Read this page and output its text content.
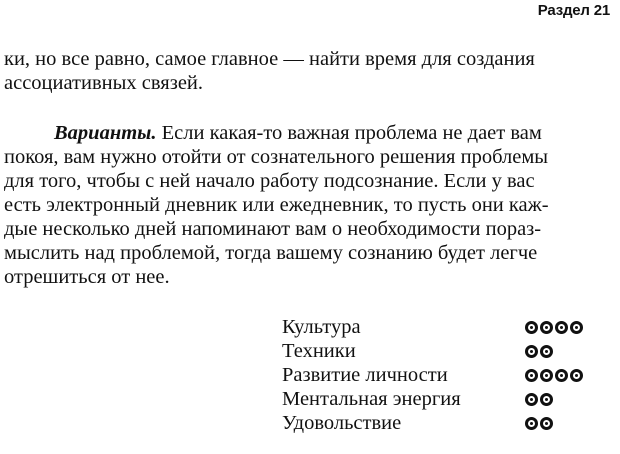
Раздел 21
ки, но все равно, самое главное — найти время для создания
ассоциативных связей.
Варианты. Если какая-то важная проблема не дает вам
покоя, вам нужно отойти от сознательного решения проблемы
для того, чтобы с ней начало работу подсознание. Если у вас
есть электронный дневник или ежедневник, то пусть они каж-
дые несколько дней напоминают вам о необходимости пораз-
мыслить над проблемой, тогда вашему сознанию будет легче
отрешиться от нее.
Культура
Техники
Развитие личности
Ментальная энергия
Удовольствие
